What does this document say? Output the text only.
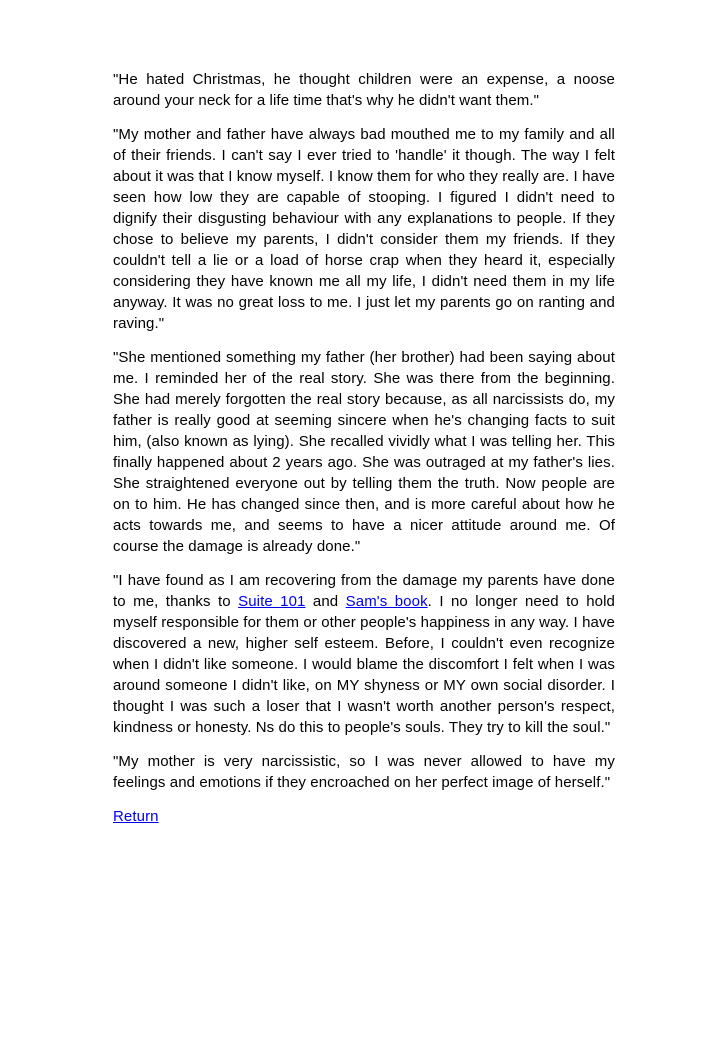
"He hated Christmas, he thought children were an expense, a noose around your neck for a life time that's why he didn't want them."

"My mother and father have always bad mouthed me to my family and all of their friends. I can't say I ever tried to 'handle' it though. The way I felt about it was that I know myself. I know them for who they really are. I have seen how low they are capable of stooping. I figured I didn't need to dignify their disgusting behaviour with any explanations to people. If they chose to believe my parents, I didn't consider them my friends. If they couldn't tell a lie or a load of horse crap when they heard it, especially considering they have known me all my life, I didn't need them in my life anyway. It was no great loss to me. I just let my parents go on ranting and raving."

"She mentioned something my father (her brother) had been saying about me. I reminded her of the real story. She was there from the beginning. She had merely forgotten the real story because, as all narcissists do, my father is really good at seeming sincere when he's changing facts to suit him, (also known as lying). She recalled vividly what I was telling her. This finally happened about 2 years ago. She was outraged at my father's lies. She straightened everyone out by telling them the truth. Now people are on to him. He has changed since then, and is more careful about how he acts towards me, and seems to have a nicer attitude around me. Of course the damage is already done."

"I have found as I am recovering from the damage my parents have done to me, thanks to Suite 101 and Sam's book. I no longer need to hold myself responsible for them or other people's happiness in any way. I have discovered a new, higher self esteem. Before, I couldn't even recognize when I didn't like someone. I would blame the discomfort I felt when I was around someone I didn't like, on MY shyness or MY own social disorder. I thought I was such a loser that I wasn't worth another person's respect, kindness or honesty. Ns do this to people's souls. They try to kill the soul."

"My mother is very narcissistic, so I was never allowed to have my feelings and emotions if they encroached on her perfect image of herself."

Return
